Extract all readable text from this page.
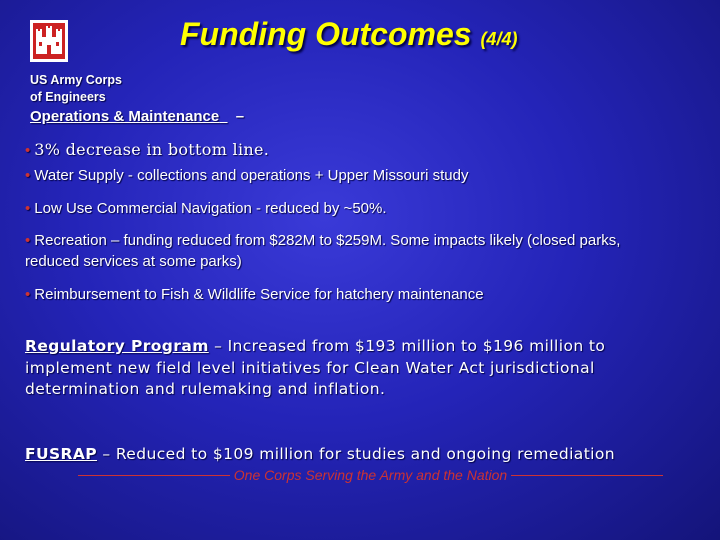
Funding Outcomes (4/4)
US Army Corps
of Engineers
Operations & Maintenance –
• 3% decrease in bottom line.
• Water Supply - collections and operations + Upper Missouri study
• Low Use Commercial Navigation - reduced by ~50%.
• Recreation – funding reduced from $282M to $259M. Some impacts likely (closed parks, reduced services at some parks)
• Reimbursement to Fish & Wildlife Service for hatchery maintenance
Regulatory Program – Increased from $193 million to $196 million to implement new field level initiatives for Clean Water Act jurisdictional determination and rulemaking and inflation.
FUSRAP – Reduced to $109 million for studies and ongoing remediation
One Corps Serving the Army and the Nation
